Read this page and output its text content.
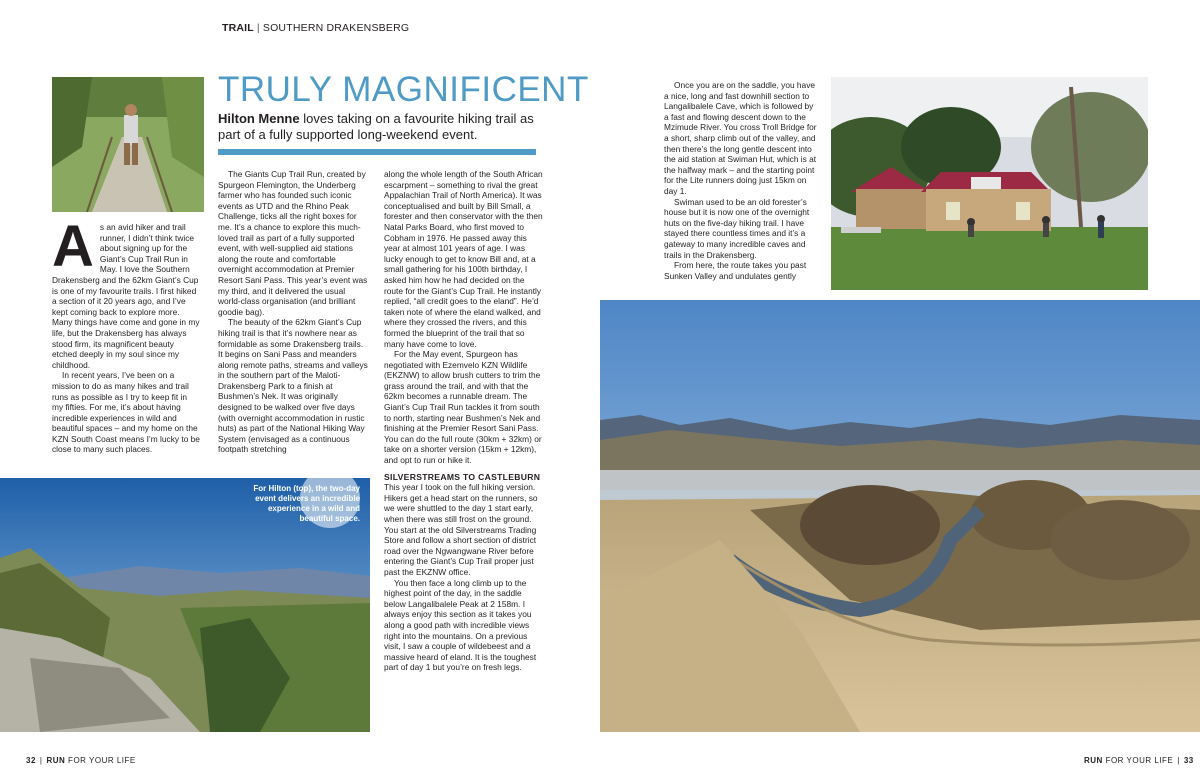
TRAIL | SOUTHERN DRAKENSBERG
TRULY MAGNIFICENT
Hilton Menne loves taking on a favourite hiking trail as part of a fully supported long-weekend event.
A s an avid hiker and trail runner, I didn’t think twice about signing up for the Giant’s Cup Trail Run in May. I love the Southern Drakensberg and the 62km Giant’s Cup is one of my favourite trails. I first hiked a section of it 20 years ago, and I’ve kept coming back to explore more. Many things have come and gone in my life, but the Drakensberg has always stood firm, its magnificent beauty etched deeply in my soul since my childhood.

In recent years, I’ve been on a mission to do as many hikes and trail runs as possible as I try to keep fit in my fifties. For me, it’s about having incredible experiences in wild and beautiful spaces – and my home on the KZN South Coast means I’m lucky to be close to many such places.

The Giants Cup Trail Run, created by Spurgeon Flemington, the Underberg farmer who has founded such iconic events as UTD and the Rhino Peak Challenge, ticks all the right boxes for me. It’s a chance to explore this much-loved trail as part of a fully supported event, with well-supplied aid stations along the route and comfortable overnight accommodation at Premier Resort Sani Pass. This year’s event was my third, and it delivered the usual world-class organisation (and brilliant goodie bag).

The beauty of the 62km Giant’s Cup hiking trail is that it’s nowhere near as formidable as some Drakensberg trails. It begins on Sani Pass and meanders along remote paths, streams and valleys in the southern part of the Maloti-Drakensberg Park to a finish at Bushmen’s Nek. It was originally designed to be walked over five days (with overnight accommodation in rustic huts) as part of the National Hiking Way System (envisaged as a continuous footpath stretching

along the whole length of the South African escarpment – something to rival the great Appalachian Trail of North America). It was conceptualised and built by Bill Small, a forester and then conservator with the then Natal Parks Board, who first moved to Cobham in 1976. He passed away this year at almost 101 years of age. I was lucky enough to get to know Bill and, at a small gathering for his 100th birthday, I asked him how he had decided on the route for the Giant’s Cup Trail. He instantly replied, “all credit goes to the eland”. He’d taken note of where the eland walked, and where they crossed the rivers, and this formed the blueprint of the trail that so many have come to love.

For the May event, Spurgeon has negotiated with Ezemvelo KZN Wildlife (EKZNW) to allow brush cutters to trim the grass around the trail, and with that the 62km becomes a runnable dream. The Giant’s Cup Trail Run tackles it from south to north, starting near Bushmen’s Nek and finishing at the Premier Resort Sani Pass. You can do the full route (30km + 32km) or take on a shorter version (15km + 12km), and opt to run or hike it.

SILVERSTREAMS TO CASTLEBURN

This year I took on the full hiking version. Hikers get a head start on the runners, so we were shuttled to the day 1 start early, when there was still frost on the ground. You start at the old Silverstreams Trading Store and follow a short section of district road over the Ngwangwane River before entering the Giant’s Cup Trail proper just past the EKZNW office.

You then face a long climb up to the highest point of the day, in the saddle below Langalibalele Peak at 2 158m. I always enjoy this section as it takes you along a good path with incredible views right into the mountains. On a previous visit, I saw a couple of wildebeest and a massive heard of eland. It is the toughest part of day 1 but you’re on fresh legs.

For Hilton (top), the two-day event delivers an incredible experience in a wild and beautiful space.

Once you are on the saddle, you have a nice, long and fast downhill section to Langalibalele Cave, which is followed by a fast and flowing descent down to the Mzimude River. You cross Troll Bridge for a short, sharp climb out of the valley, and then there’s the long gentle descent into the aid station at Swiman Hut, which is at the halfway mark – and the starting point for the Lite runners doing just 15km on day 1.

Swiman used to be an old forester’s house but it is now one of the overnight huts on the five-day hiking trail. I have stayed there countless times and it’s a gateway to many incredible caves and trails in the Drakensberg.

From here, the route takes you past Sunken Valley and undulates gently

32 | RUN FOR YOUR LIFE	RUN FOR YOUR LIFE | 33
